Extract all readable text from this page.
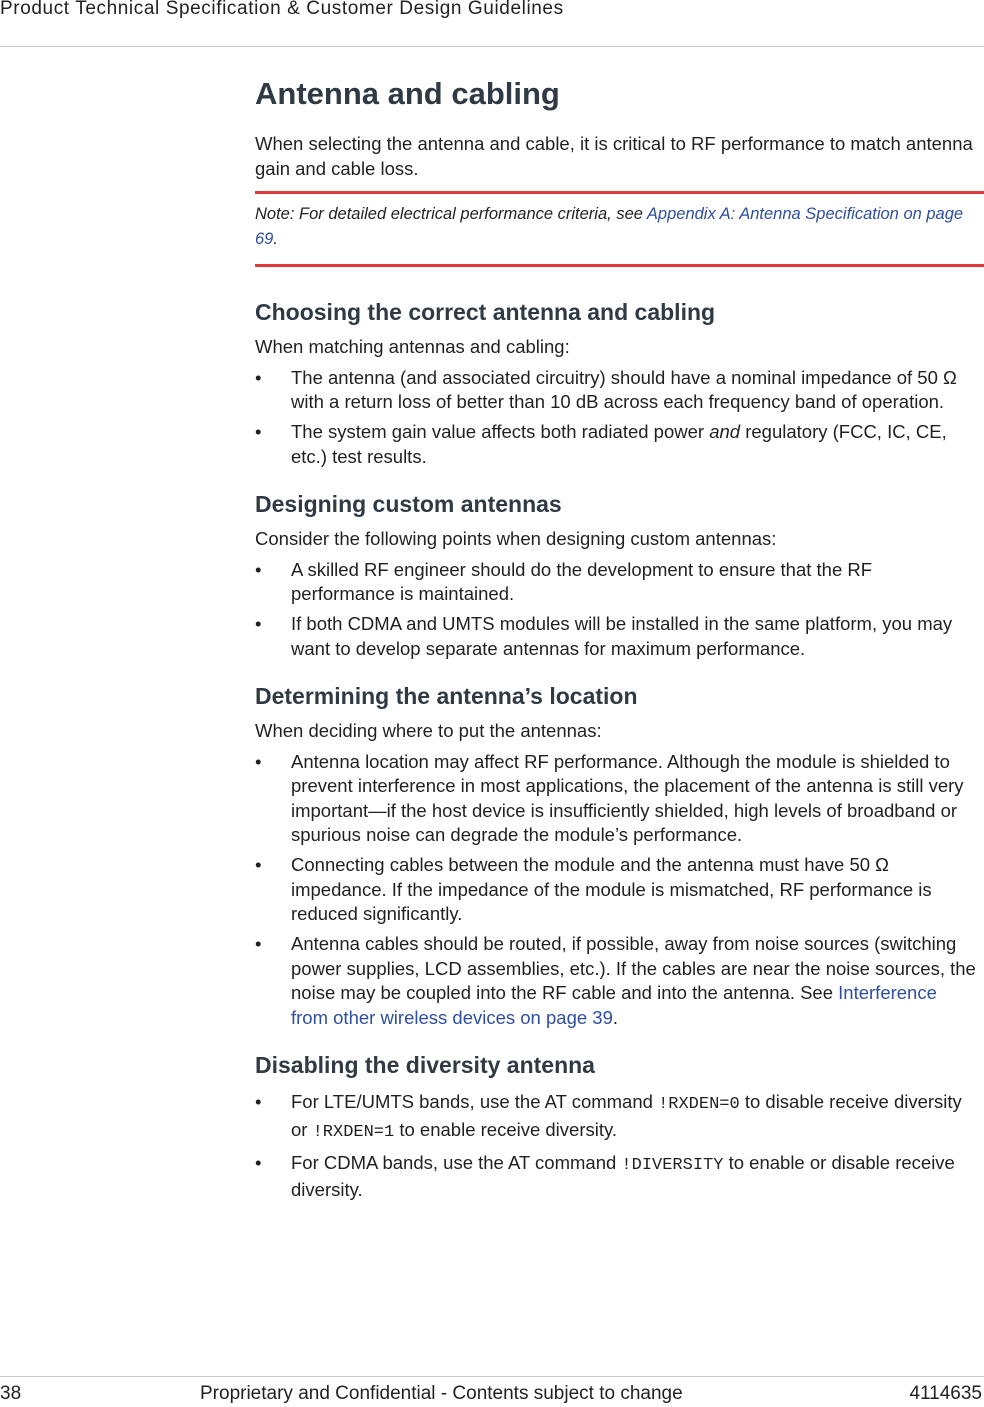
Product Technical Specification & Customer Design Guidelines
Antenna and cabling

When selecting the antenna and cable, it is critical to RF performance to match antenna gain and cable loss.

Note: For detailed electrical performance criteria, see Appendix A: Antenna Specification on page 69.

Choosing the correct antenna and cabling

When matching antennas and cabling:

• The antenna (and associated circuitry) should have a nominal impedance of 50 Ω with a return loss of better than 10 dB across each frequency band of operation.
• The system gain value affects both radiated power and regulatory (FCC, IC, CE, etc.) test results.
Designing custom antennas

Consider the following points when designing custom antennas:

• A skilled RF engineer should do the development to ensure that the RF performance is maintained.
• If both CDMA and UMTS modules will be installed in the same platform, you may want to develop separate antennas for maximum performance.
Determining the antenna’s location

When deciding where to put the antennas:

• Antenna location may affect RF performance. Although the module is shielded to prevent interference in most applications, the placement of the antenna is still very important—if the host device is insufficiently shielded, high levels of broadband or spurious noise can degrade the module’s performance.
• Connecting cables between the module and the antenna must have 50 Ω impedance. If the impedance of the module is mismatched, RF performance is reduced significantly.
• Antenna cables should be routed, if possible, away from noise sources (switching power supplies, LCD assemblies, etc.). If the cables are near the noise sources, the noise may be coupled into the RF cable and into the antenna. See Interference from other wireless devices on page 39.
Disabling the diversity antenna
• For LTE/UMTS bands, use the AT command !RXDEN=0 to disable receive diversity or !RXDEN=1 to enable receive diversity.
• For CDMA bands, use the AT command !DIVERSITY to enable or disable receive diversity.
38	Proprietary and Confidential - Contents subject to change	4114635
